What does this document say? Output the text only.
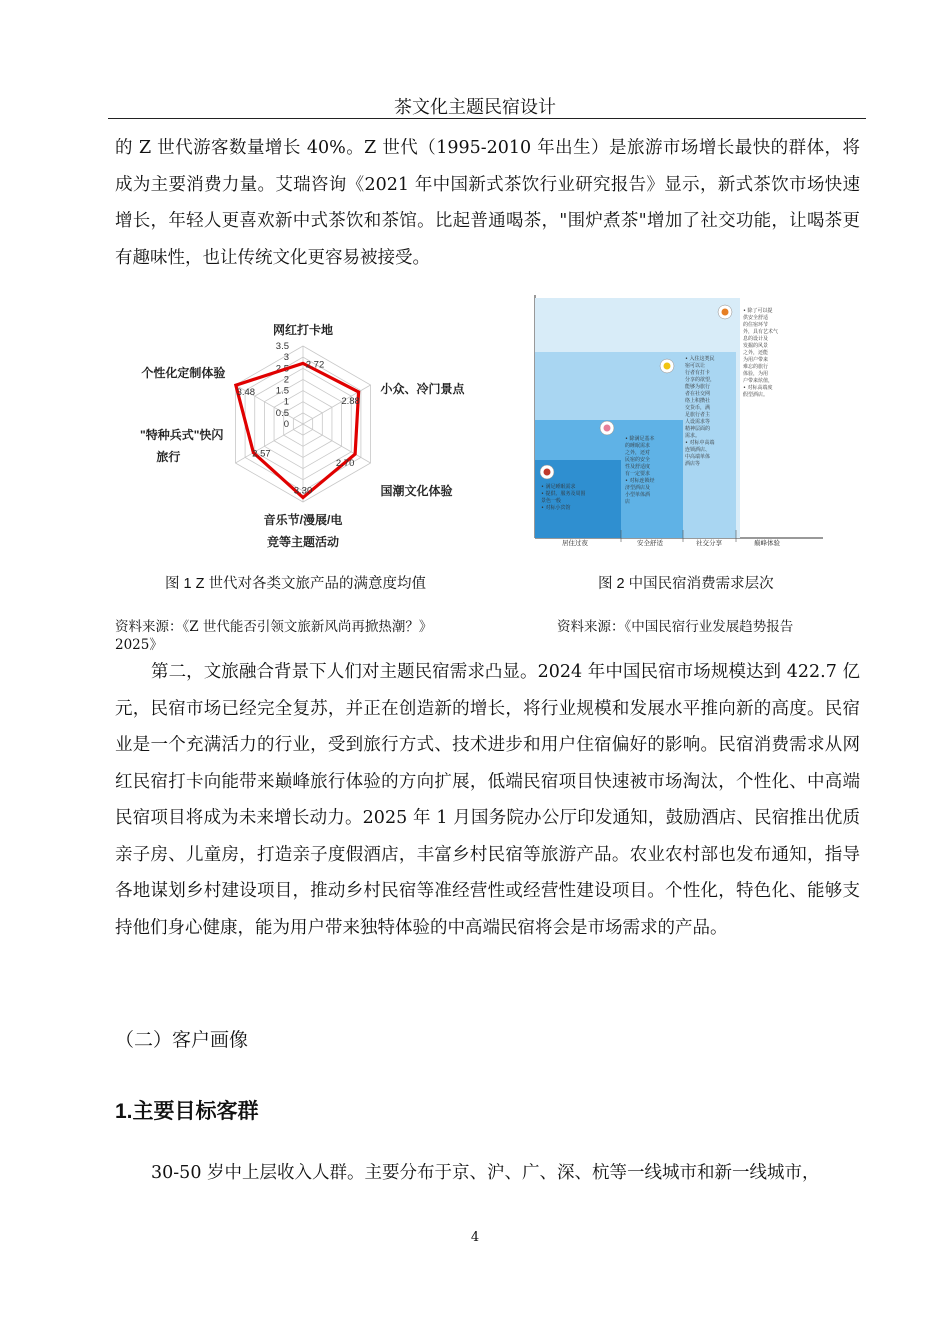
茶文化主题民宿设计

的 Z 世代游客数量增长 40%。Z 世代（1995-2010 年出生）是旅游市场增长最快的群体，将成为主要消费力量。艾瑞咨询《2021 年中国新式茶饮行业研究报告》显示，新式茶饮市场快速增长，年轻人更喜欢新中式茶饮和茶馆。比起普通喝茶，"围炉煮茶"增加了社交功能，让喝茶更有趣味性，也让传统文化更容易被接受。

3.5
3
2.5
2
1.5
1
0.5
0
2.72
2.88
2.70
3.30
2.57
3.48
网红打卡地
小众、冷门景点
国潮文化体验
音乐节/漫展/电
竞等主题活动
"特种兵式"快闪
旅行
个性化定制体验
居住过夜	安全舒适	社交分享	巅峰体验
• 满足睡眠需求
• 提供、服务及周围
景色一般
• 对标小宾馆
• 除满足基本
的睡眠需求
之外，还对
民宿的安全
性及舒适度
有一定要求
• 对标连锁经
济型酒店及
小型单体酒
店
• 入住这类民
宿可以让
行者有打卡
分享的欲望，
能够为旅行
者在社交网
络上积攒社
交货币，满
足旅行者主
人设需求等
精神层面的
需求。
• 对标中高端
连锁酒店、
中高端单体
酒店等
• 除了可以提
供安全舒适
的住宿环节
外，具有艺术气
息的设计及
发掘的风景
之外，还能
为用户带来
难忘的旅行
体验，为用
户带来炫值，
• 对标高端度
假型酒店。
图 1 Z 世代对各类文旅产品的满意度均值	图 2 中国民宿消费需求层次
资料来源：《Z 世代能否引领文旅新风尚再掀热潮？》	资料来源：《中国民宿行业发展趋势报告
2025》

第二，文旅融合背景下人们对主题民宿需求凸显。2024 年中国民宿市场规模达到 422.7 亿元，民宿市场已经完全复苏，并正在创造新的增长，将行业规模和发展水平推向新的高度。民宿业是一个充满活力的行业，受到旅行方式、技术进步和用户住宿偏好的影响。民宿消费需求从网红民宿打卡向能带来巅峰旅行体验的方向扩展，低端民宿项目快速被市场淘汰，个性化、中高端民宿项目将成为未来增长动力。2025 年 1 月国务院办公厅印发通知，鼓励酒店、民宿推出优质亲子房、儿童房，打造亲子度假酒店，丰富乡村民宿等旅游产品。农业农村部也发布通知，指导各地谋划乡村建设项目，推动乡村民宿等准经营性或经营性建设项目。个性化，特色化、能够支持他们身心健康，能为用户带来独特体验的中高端民宿将会是市场需求的产品。

（二）客户画像
1.主要目标客群

30-50 岁中上层收入人群。主要分布于京、沪、广、深、杭等一线城市和新一线城市，

4
